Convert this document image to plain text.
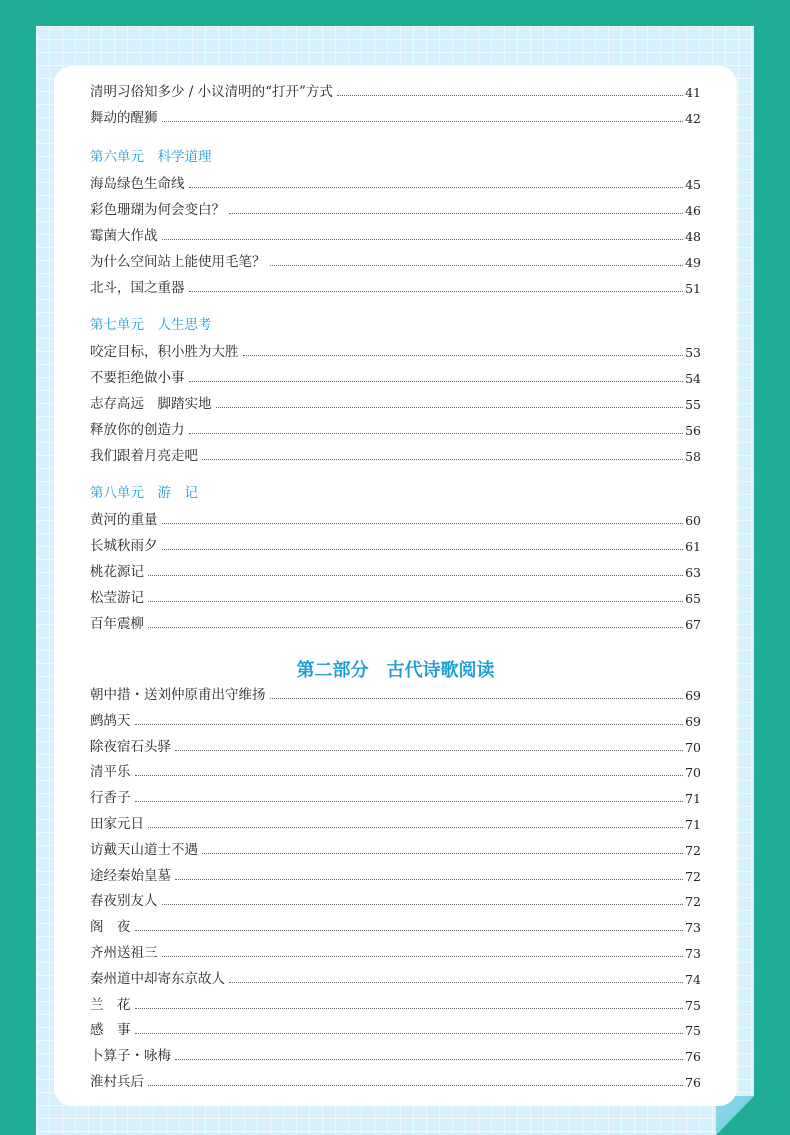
清明习俗知多少 / 小议清明的“打开”方式	41
舞动的醒狮	42
第六单元　科学道理
海岛绿色生命线	45
彩色珊瑚为何会变白？	46
霉菌大作战	48
为什么空间站上能使用毛笔？	49
北斗，国之重器	51
第七单元　人生思考
咬定目标，积小胜为大胜	53
不要拒绝做小事	54
志存高远　脚踏实地	55
释放你的创造力	56
我们跟着月亮走吧	58
第八单元　游　记
黄河的重量	60
长城秋雨夕	61
桃花源记	63
松莹游记	65
百年震柳	67
朝中措・送刘仲原甫出守维扬	69
鹧鸪天	69
除夜宿石头驿	70
清平乐	70
行香子	71
田家元日	71
访戴天山道士不遇	72
途经秦始皇墓	72
春夜别友人	72
阁　夜	73
齐州送祖三	73
秦州道中却寄东京故人	74
兰　花	75
感　事	75
卜算子・咏梅	76
淮村兵后	76
第二部分　古代诗歌阅读
